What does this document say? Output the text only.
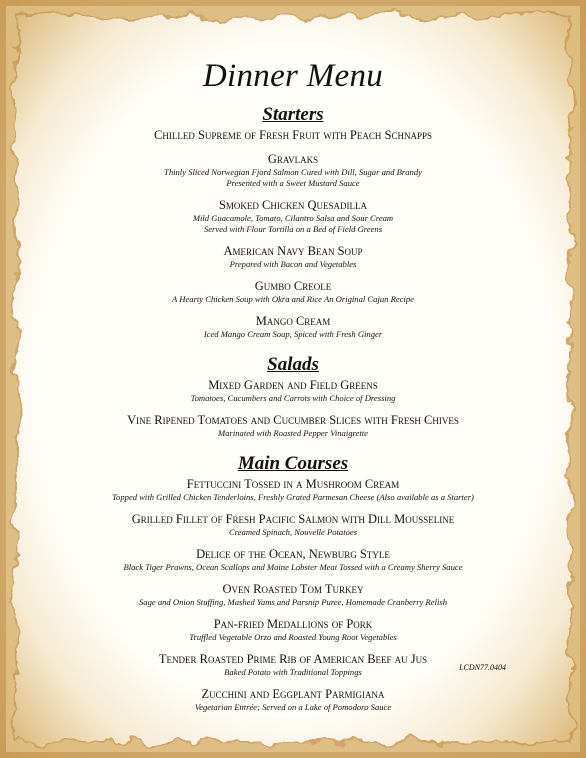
Dinner Menu
Starters
Chilled Supreme of Fresh Fruit with Peach Schnapps
Gravlaks
Thinly Sliced Norwegian Fjord Salmon Cured with Dill, Sugar and Brandy
Presented with a Sweet Mustard Sauce
Smoked Chicken Quesadilla
Mild Guacamole, Tomato, Cilantro Salsa and Sour Cream
Served with Flour Tortilla on a Bed of Field Greens
American Navy Bean Soup
Prepared with Bacon and Vegetables
Gumbo Creole
A Hearty Chicken Soup with Okra and Rice An Original Cajun Recipe
Mango Cream
Iced Mango Cream Soup, Spiced with Fresh Ginger
Salads
Mixed Garden and Field Greens
Tomatoes, Cucumbers and Carrots with Choice of Dressing
Vine Ripened Tomatoes and Cucumber Slices with Fresh Chives
Marinated with Roasted Pepper Vinaigrette
Main Courses
Fettuccini Tossed in a Mushroom Cream
Topped with Grilled Chicken Tenderloins, Freshly Grated Parmesan Cheese (Also available as a Starter)
Grilled Fillet of Fresh Pacific Salmon with Dill Mousseline
Creamed Spinach, Nouvelle Potatoes
Delice of the Ocean, Newburg Style
Black Tiger Prawns, Ocean Scallops and Maine Lobster Meat Tossed with a Creamy Sherry Sauce
Oven Roasted Tom Turkey
Sage and Onion Stuffing, Mashed Yams and Parsnip Puree, Homemade Cranberry Relish
Pan-fried Medallions of Pork
Truffled Vegetable Orzo and Roasted Young Root Vegetables
Tender Roasted Prime Rib of American Beef au Jus
Baked Potato with Traditional Toppings
Zucchini and Eggplant Parmigiana
Vegetarian Entrée; Served on a Lake of Pomodoro Sauce
LCDN77.0404
